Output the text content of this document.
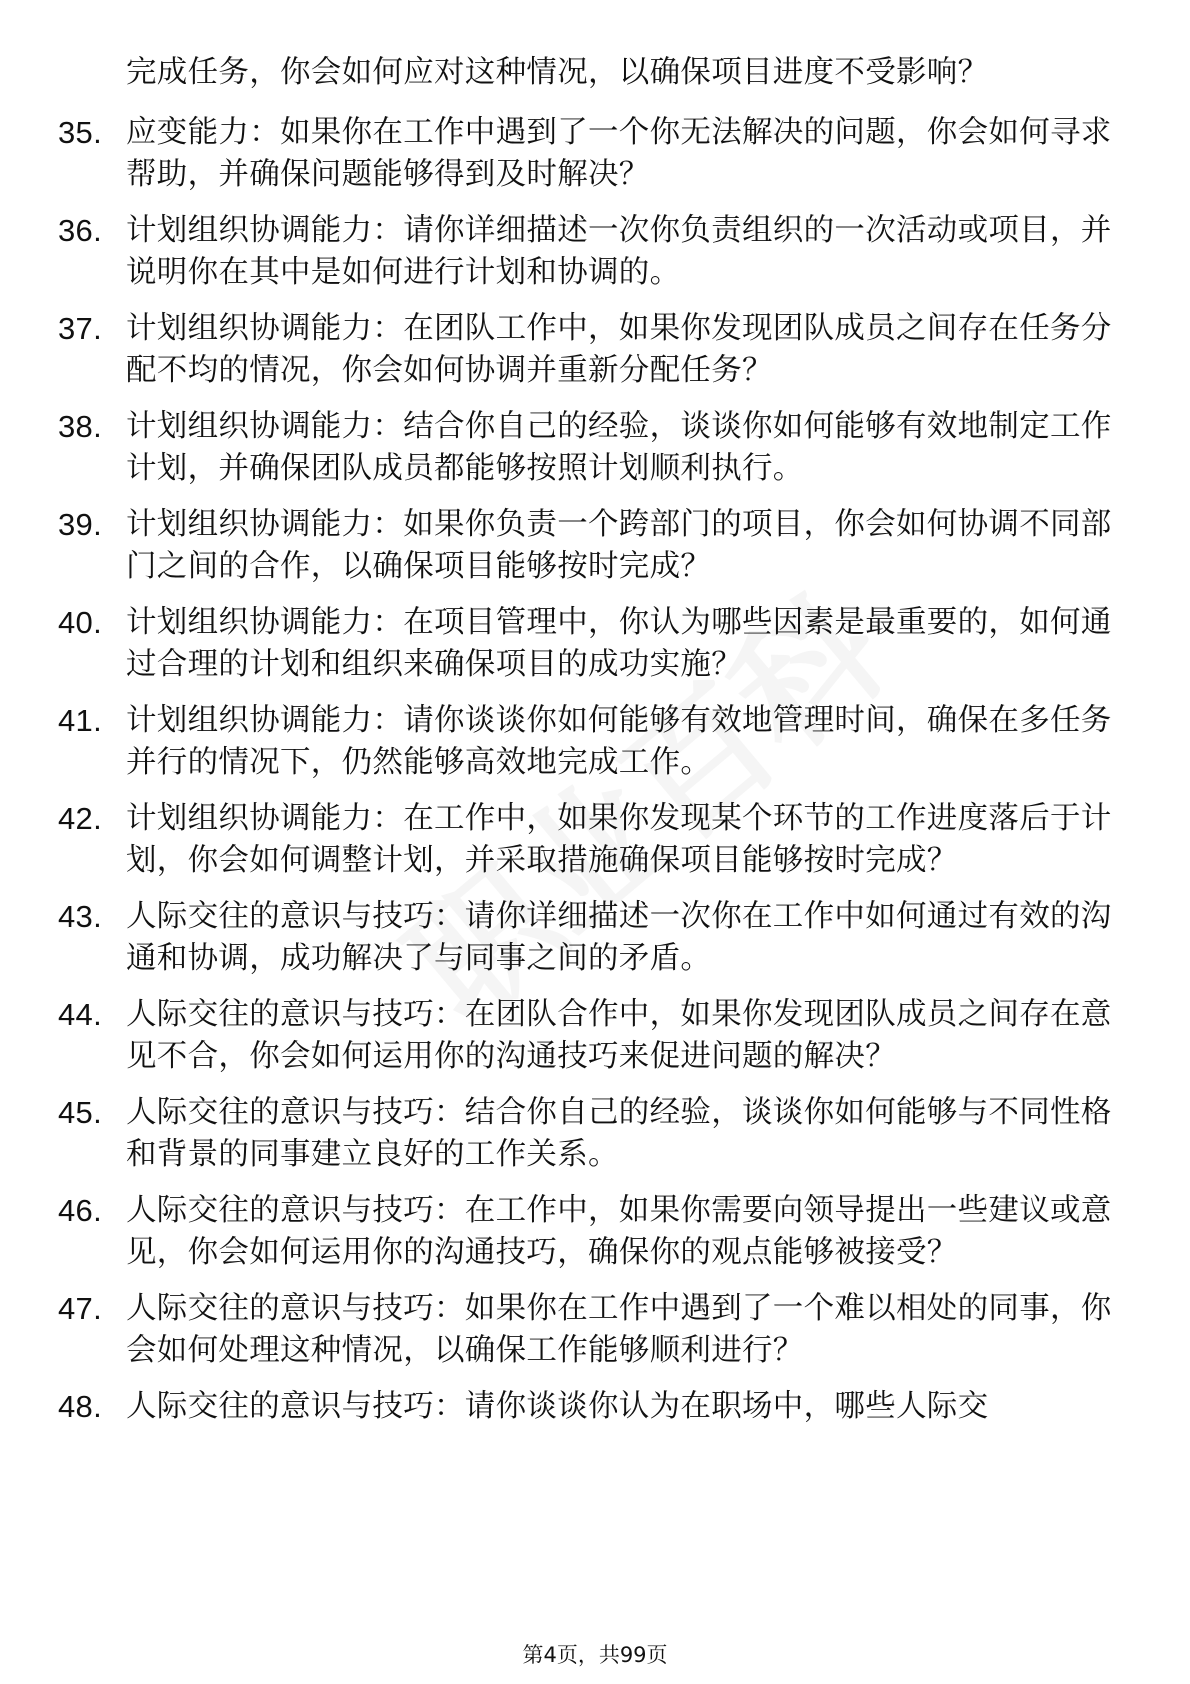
完成任务，你会如何应对这种情况，以确保项目进度不受影响？
35. 应变能力：如果你在工作中遇到了一个你无法解决的问题，你会如何寻求帮助，并确保问题能够得到及时解决？
36. 计划组织协调能力：请你详细描述一次你负责组织的一次活动或项目，并说明你在其中是如何进行计划和协调的。
37. 计划组织协调能力：在团队工作中，如果你发现团队成员之间存在任务分配不均的情况，你会如何协调并重新分配任务？
38. 计划组织协调能力：结合你自己的经验，谈谈你如何能够有效地制定工作计划，并确保团队成员都能够按照计划顺利执行。
39. 计划组织协调能力：如果你负责一个跨部门的项目，你会如何协调不同部门之间的合作，以确保项目能够按时完成？
40. 计划组织协调能力：在项目管理中，你认为哪些因素是最重要的，如何通过合理的计划和组织来确保项目的成功实施？
41. 计划组织协调能力：请你谈谈你如何能够有效地管理时间，确保在多任务并行的情况下，仍然能够高效地完成工作。
42. 计划组织协调能力：在工作中，如果你发现某个环节的工作进度落后于计划，你会如何调整计划，并采取措施确保项目能够按时完成？
43. 人际交往的意识与技巧：请你详细描述一次你在工作中如何通过有效的沟通和协调，成功解决了与同事之间的矛盾。
44. 人际交往的意识与技巧：在团队合作中，如果你发现团队成员之间存在意见不合，你会如何运用你的沟通技巧来促进问题的解决？
45. 人际交往的意识与技巧：结合你自己的经验，谈谈你如何能够与不同性格和背景的同事建立良好的工作关系。
46. 人际交往的意识与技巧：在工作中，如果你需要向领导提出一些建议或意见，你会如何运用你的沟通技巧，确保你的观点能够被接受？
47. 人际交往的意识与技巧：如果你在工作中遇到了一个难以相处的同事，你会如何处理这种情况，以确保工作能够顺利进行？
48. 人际交往的意识与技巧：请你谈谈你认为在职场中，哪些人际交
第4页，共99页
